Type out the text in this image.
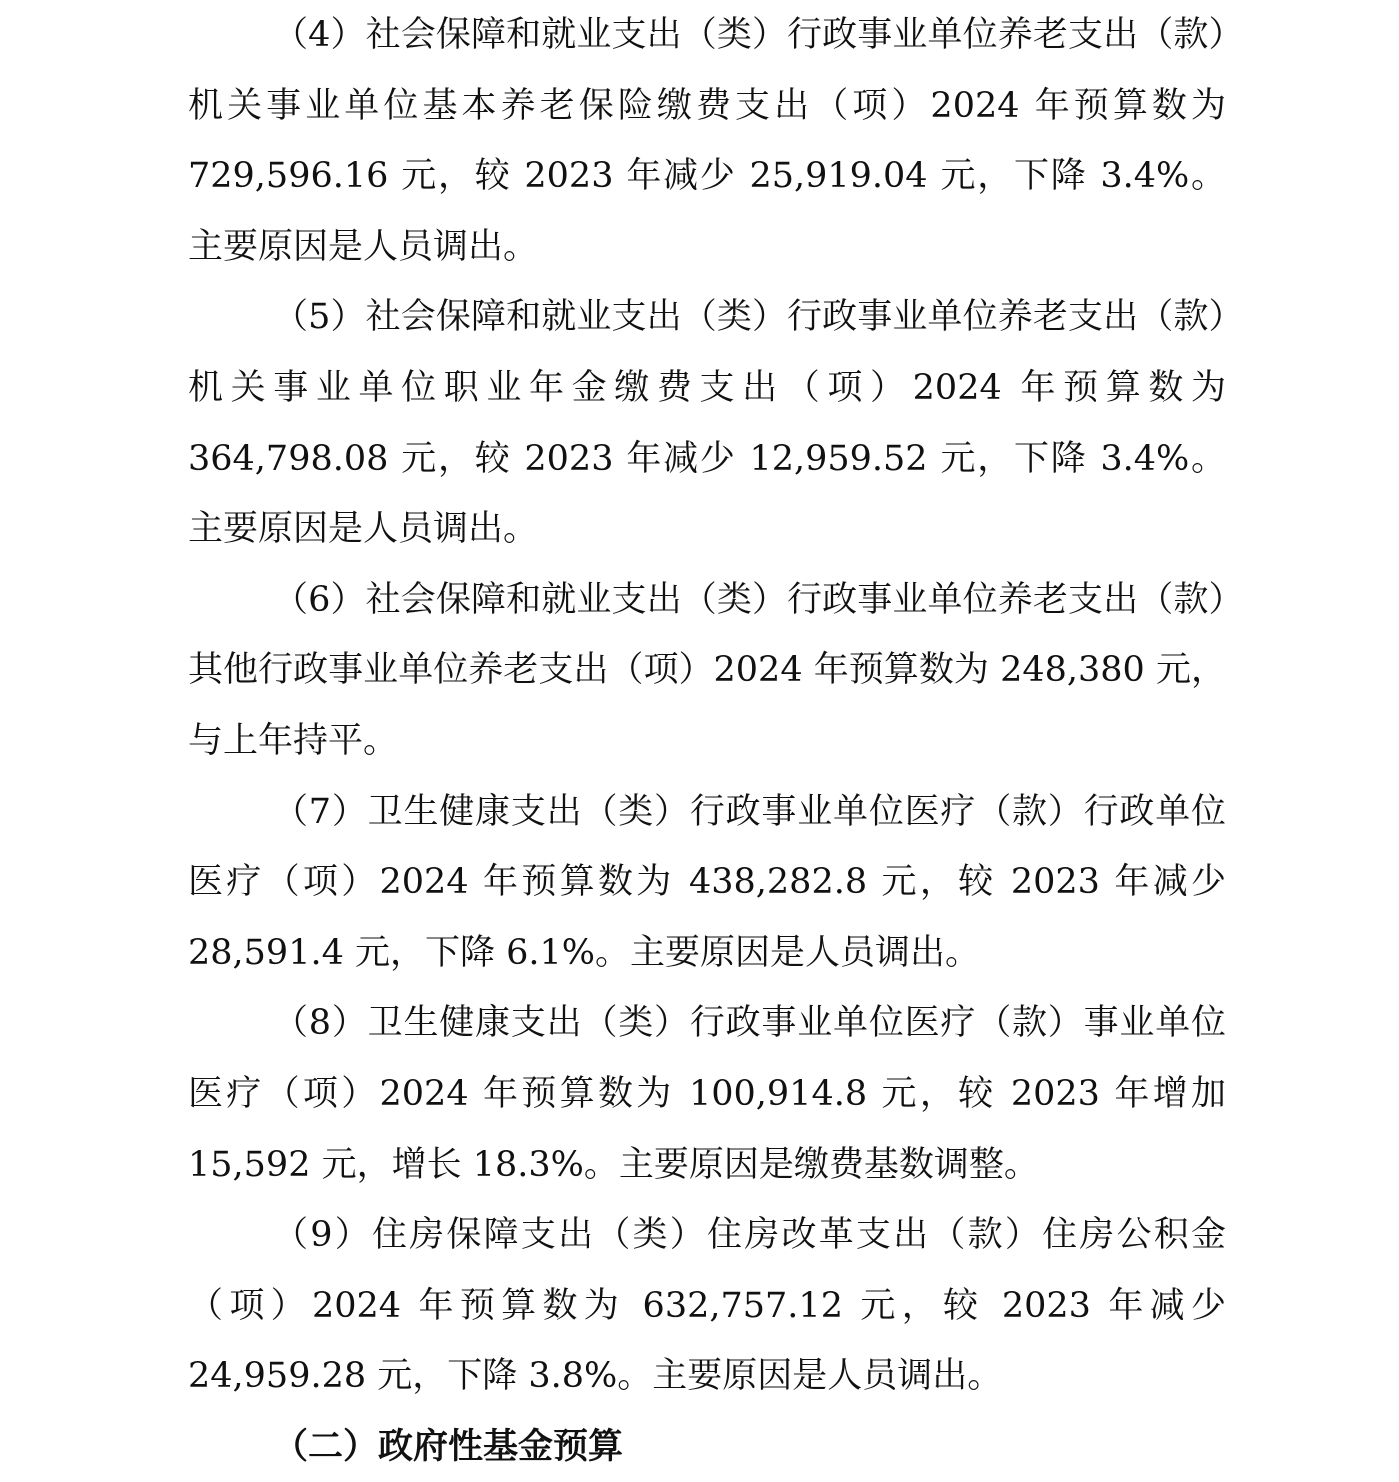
（4）社会保障和就业支出（类）行政事业单位养老支出（款）机关事业单位基本养老保险缴费支出（项）2024 年预算数为 729,596.16 元，较 2023 年减少 25,919.04 元，下降 3.4%。主要原因是人员调出。

（5）社会保障和就业支出（类）行政事业单位养老支出（款）机关事业单位职业年金缴费支出（项）2024 年预算数为 364,798.08 元，较 2023 年减少 12,959.52 元，下降 3.4%。主要原因是人员调出。

（6）社会保障和就业支出（类）行政事业单位养老支出（款）其他行政事业单位养老支出（项）2024 年预算数为 248,380 元，与上年持平。

（7）卫生健康支出（类）行政事业单位医疗（款）行政单位医疗（项）2024 年预算数为 438,282.8 元，较 2023 年减少 28,591.4 元，下降 6.1%。主要原因是人员调出。

（8）卫生健康支出（类）行政事业单位医疗（款）事业单位医疗（项）2024 年预算数为 100,914.8 元，较 2023 年增加 15,592 元，增长 18.3%。主要原因是缴费基数调整。

（9）住房保障支出（类）住房改革支出（款）住房公积金（项）2024 年预算数为 632,757.12 元，较 2023 年减少 24,959.28 元，下降 3.8%。主要原因是人员调出。

（二）政府性基金预算
